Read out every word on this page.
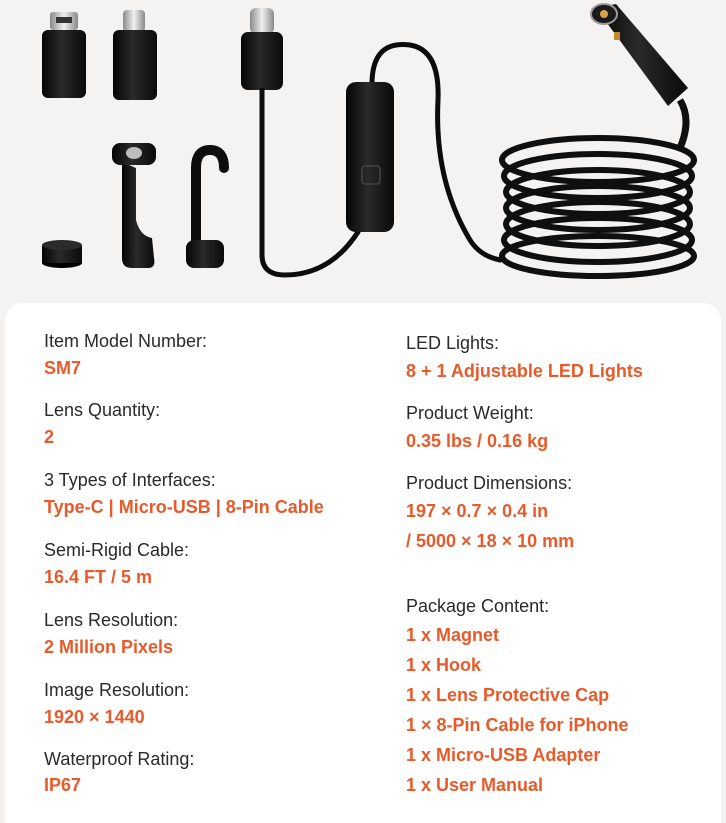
Item Model Number:
SM7
Lens Quantity:
2
3 Types of Interfaces:
Type-C | Micro-USB | 8-Pin Cable
Semi-Rigid Cable:
16.4 FT / 5 m
Lens Resolution:
2 Million Pixels
Image Resolution:
1920 × 1440
Waterproof Rating:
IP67
LED Lights:
8 + 1 Adjustable LED Lights
Product Weight:
0.35 lbs / 0.16 kg
Product Dimensions:
197 × 0.7 × 0.4 in
/ 5000 × 18 × 10 mm
Package Content:
1 x Magnet
1 x Hook
1 x Lens Protective Cap
1 × 8-Pin Cable for iPhone
1 x Micro-USB Adapter
1 x User Manual
